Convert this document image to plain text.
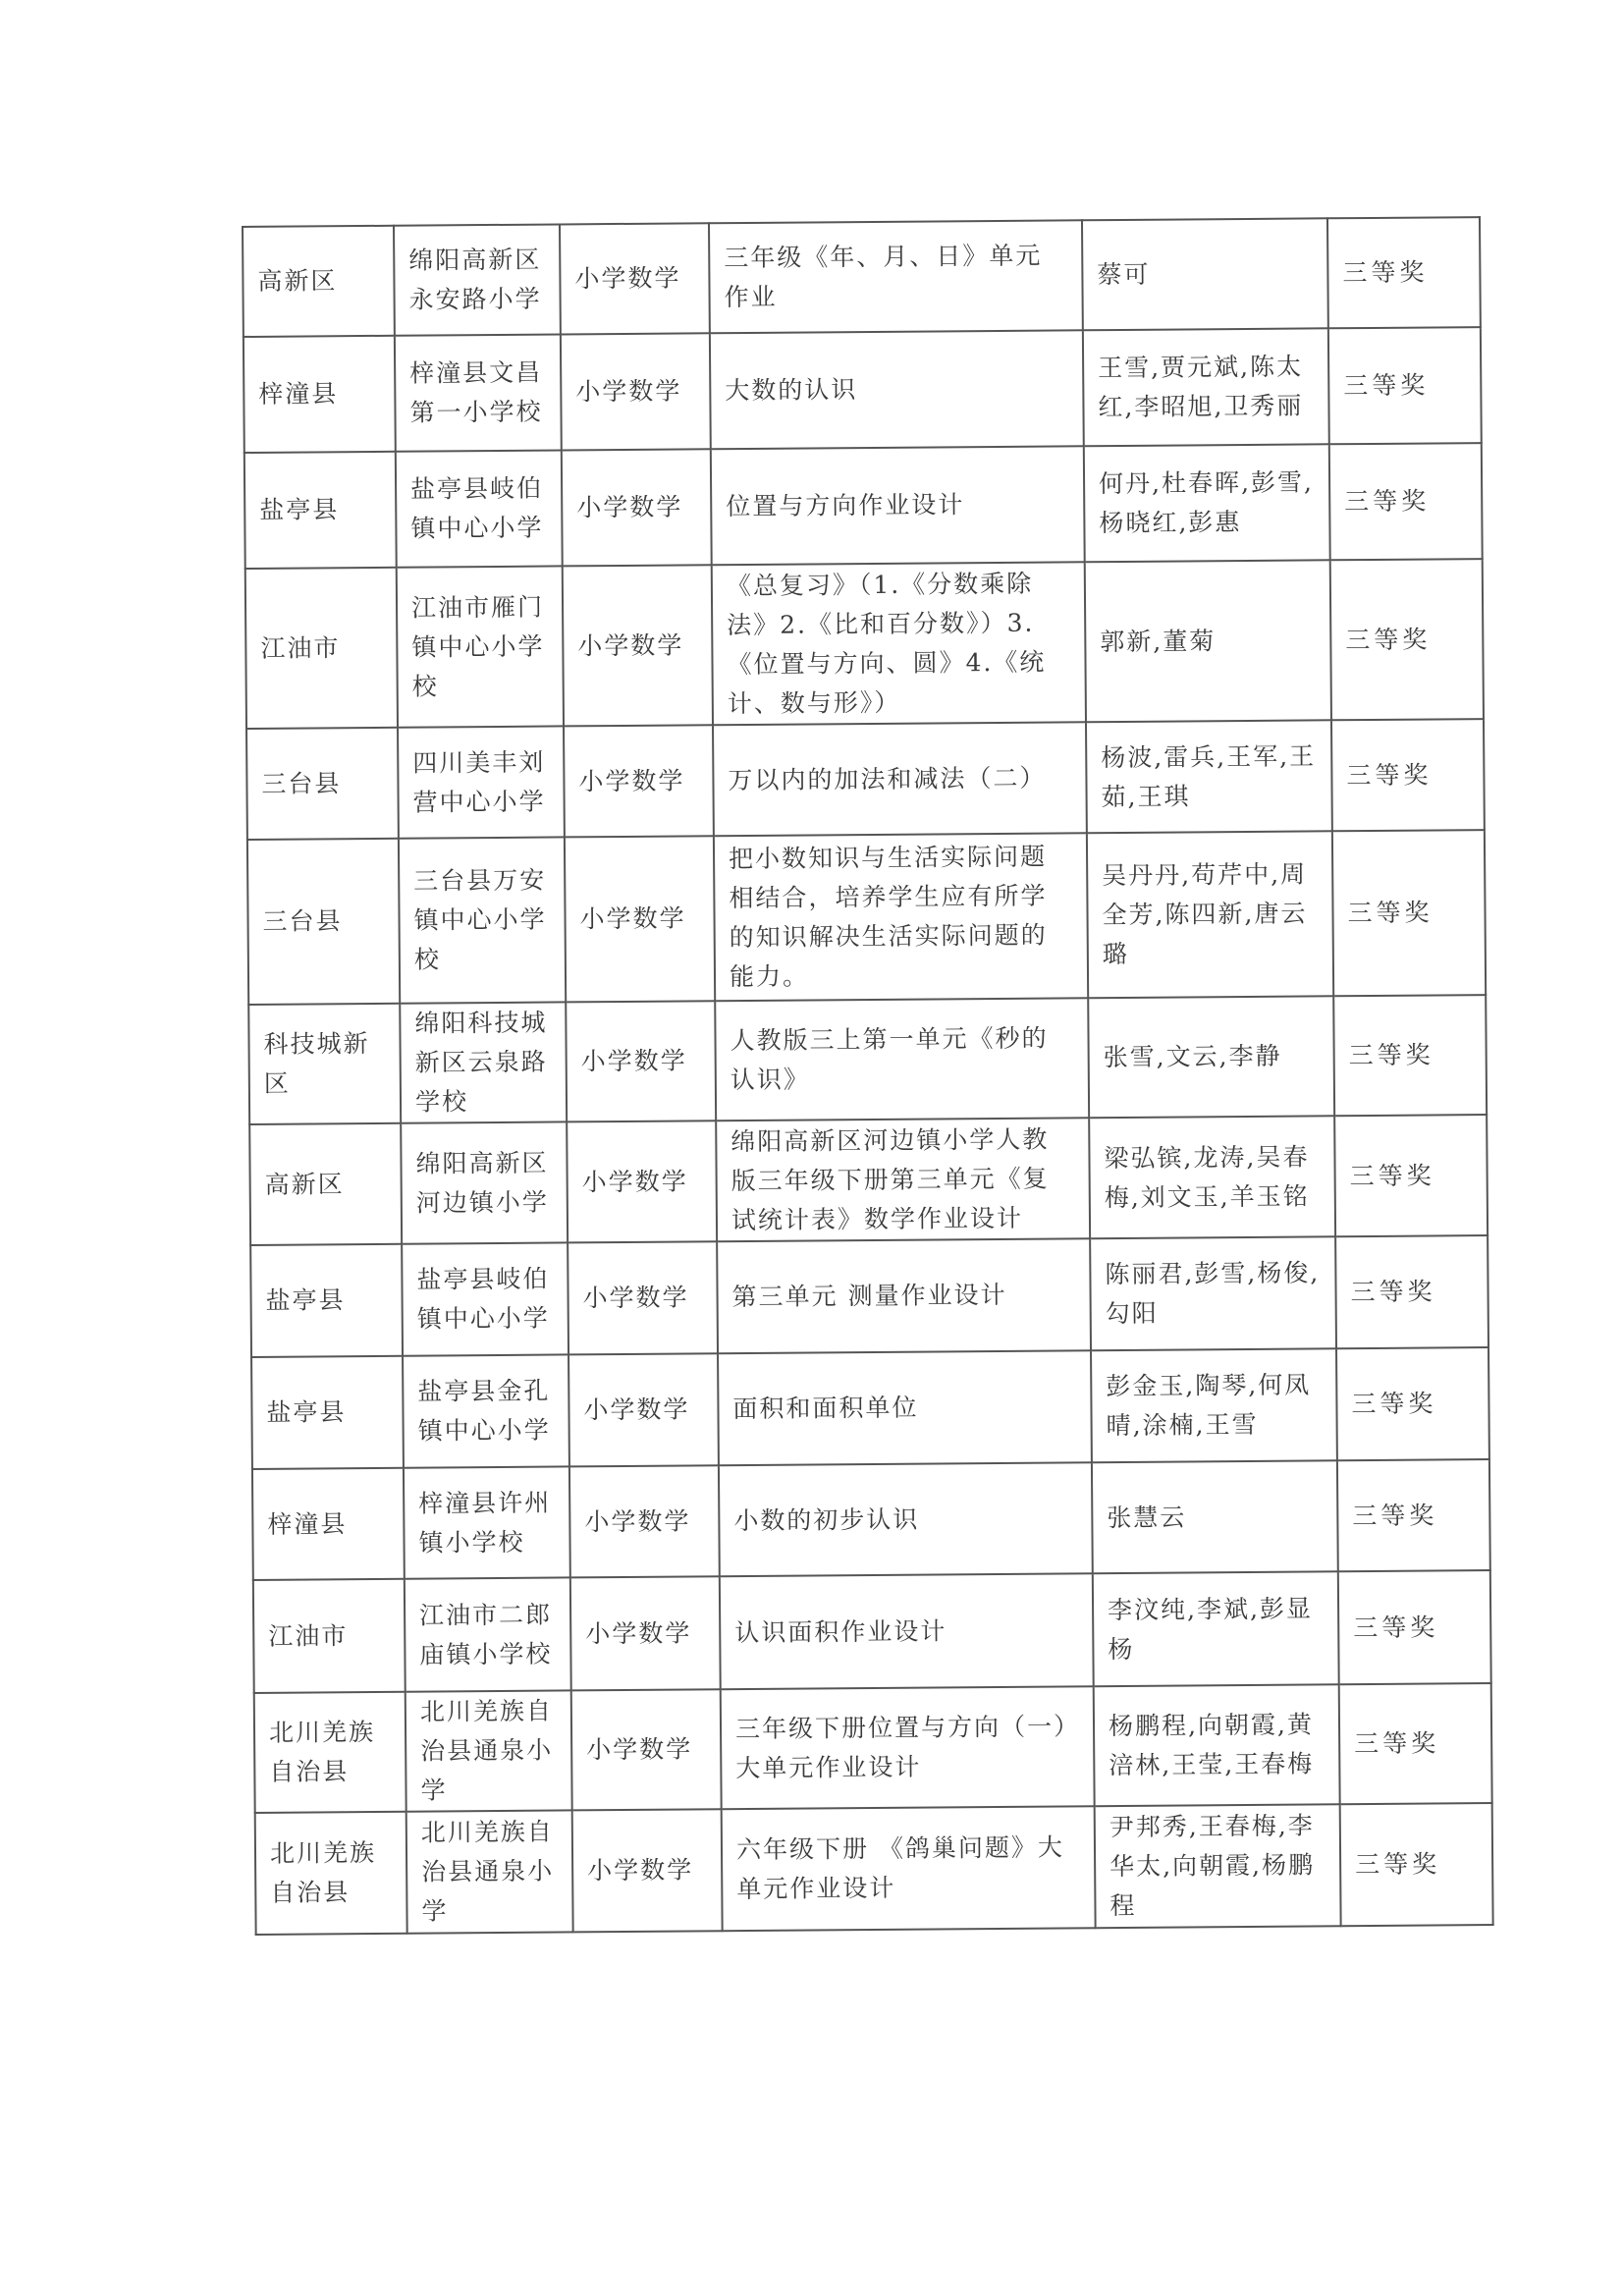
高新区	绵阳高新区永安路小学	小学数学	三年级《年、月、日》单元作业	蔡可	三等奖
梓潼县	梓潼县文昌第一小学校	小学数学	大数的认识	王雪,贾元斌,陈太红,李昭旭,卫秀丽	三等奖
盐亭县	盐亭县岐伯镇中心小学	小学数学	位置与方向作业设计	何丹,杜春晖,彭雪,杨晓红,彭惠	三等奖
江油市	江油市雁门镇中心小学校	小学数学	《总复习》（1.《分数乘除法》2.《比和百分数》）3.《位置与方向、圆》4.《统计、数与形》）	郭新,董菊	三等奖
三台县	四川美丰刘营中心小学	小学数学	万以内的加法和减法（二）	杨波,雷兵,王军,王茹,王琪	三等奖
三台县	三台县万安镇中心小学校	小学数学	把小数知识与生活实际问题相结合，培养学生应有所学的知识解决生活实际问题的能力。	吴丹丹,苟芹中,周全芳,陈四新,唐云璐	三等奖
科技城新区	绵阳科技城新区云泉路学校	小学数学	人教版三上第一单元《秒的认识》	张雪,文云,李静	三等奖
高新区	绵阳高新区河边镇小学	小学数学	绵阳高新区河边镇小学人教版三年级下册第三单元《复试统计表》数学作业设计	梁弘镔,龙涛,吴春梅,刘文玉,羊玉铭	三等奖
盐亭县	盐亭县岐伯镇中心小学	小学数学	第三单元 测量作业设计	陈丽君,彭雪,杨俊,勾阳	三等奖
盐亭县	盐亭县金孔镇中心小学	小学数学	面积和面积单位	彭金玉,陶琴,何凤晴,涂楠,王雪	三等奖
梓潼县	梓潼县许州镇小学校	小学数学	小数的初步认识	张慧云	三等奖
江油市	江油市二郎庙镇小学校	小学数学	认识面积作业设计	李汶纯,李斌,彭显杨	三等奖
北川羌族自治县	北川羌族自治县通泉小学	小学数学	三年级下册位置与方向（一）大单元作业设计	杨鹏程,向朝霞,黄涪林,王莹,王春梅	三等奖
北川羌族自治县	北川羌族自治县通泉小学	小学数学	六年级下册 《鸽巢问题》大单元作业设计	尹邦秀,王春梅,李华太,向朝霞,杨鹏程	三等奖
